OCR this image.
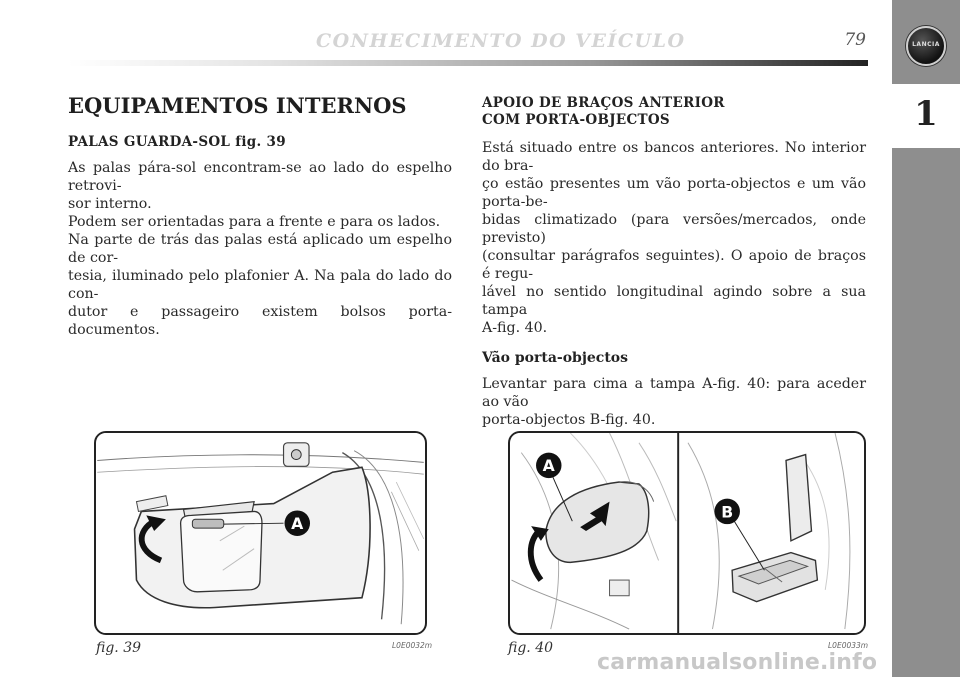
CONHECIMENTO DO VEÍCULO	79	LANCIA
1
EQUIPAMENTOS INTERNOS
PALAS GUARDA-SOL fig. 39
As palas pára-sol encontram-se ao lado do espelho retrovi-
sor interno.
Podem ser orientadas para a frente e para os lados.
Na parte de trás das palas está aplicado um espelho de cor-
tesia, iluminado pelo plafonier A. Na pala do lado do con-
dutor e passageiro existem bolsos porta-documentos.
APOIO DE BRAÇOS ANTERIOR
COM PORTA-OBJECTOS
Está situado entre os bancos anteriores. No interior do bra-
ço estão presentes um vão porta-objectos e um vão porta-be-
bidas climatizado (para versões/mercados, onde previsto)
(consultar parágrafos seguintes). O apoio de braços é regu-
lável no sentido longitudinal agindo sobre a sua tampa
A-fig. 40.
Vão porta-objectos
Levantar para cima a tampa A-fig. 40: para aceder ao vão
porta-objectos B-fig. 40.
A
fig. 39	L0E0032m
A
B
fig. 40	L0E0033m
carmanualsonline.info
